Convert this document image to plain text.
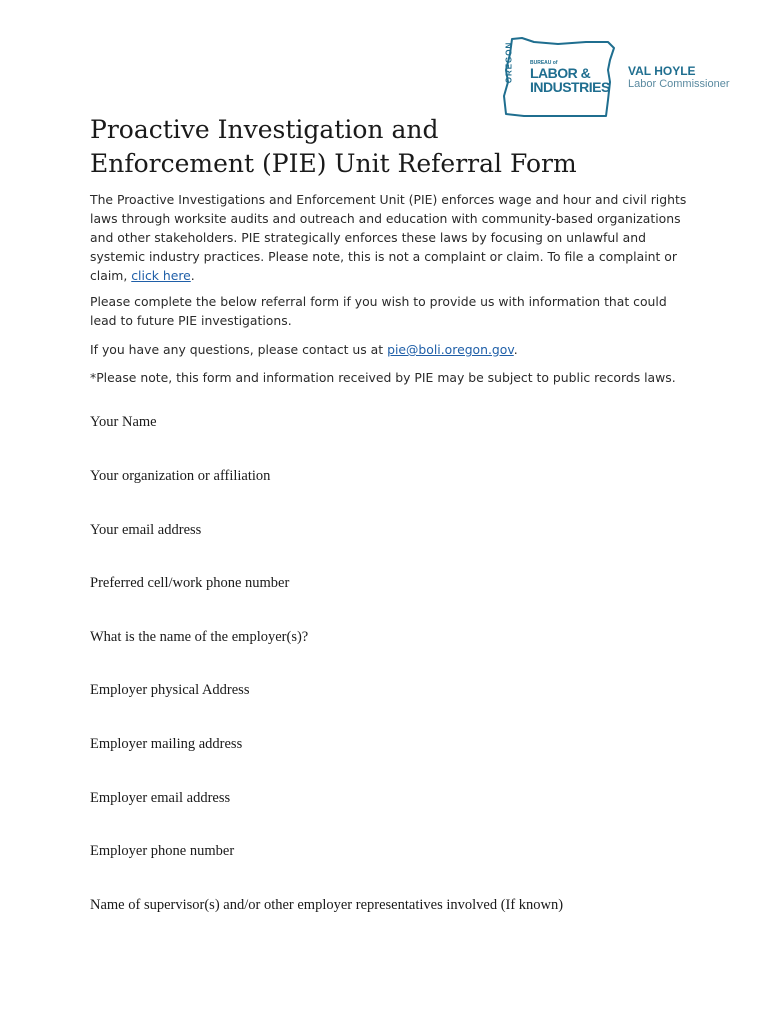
OREGON	BUREAU of
LABOR &
INDUSTRIES
VAL HOYLE
Labor Commissioner
Proactive Investigation and
Enforcement (PIE) Unit Referral Form

The Proactive Investigations and Enforcement Unit (PIE) enforces wage and hour and civil rights laws through worksite audits and outreach and education with community-based organizations and other stakeholders. PIE strategically enforces these laws by focusing on unlawful and systemic industry practices. Please note, this is not a complaint or claim. To file a complaint or claim, click here.

Please complete the below referral form if you wish to provide us with information that could lead to future PIE investigations.

If you have any questions, please contact us at pie@boli.oregon.gov.

*Please note, this form and information received by PIE may be subject to public records laws.

Your Name
Your organization or affiliation
Your email address
Preferred cell/work phone number
What is the name of the employer(s)?
Employer physical Address
Employer mailing address
Employer email address
Employer phone number
Name of supervisor(s) and/or other employer representatives involved (If known)
